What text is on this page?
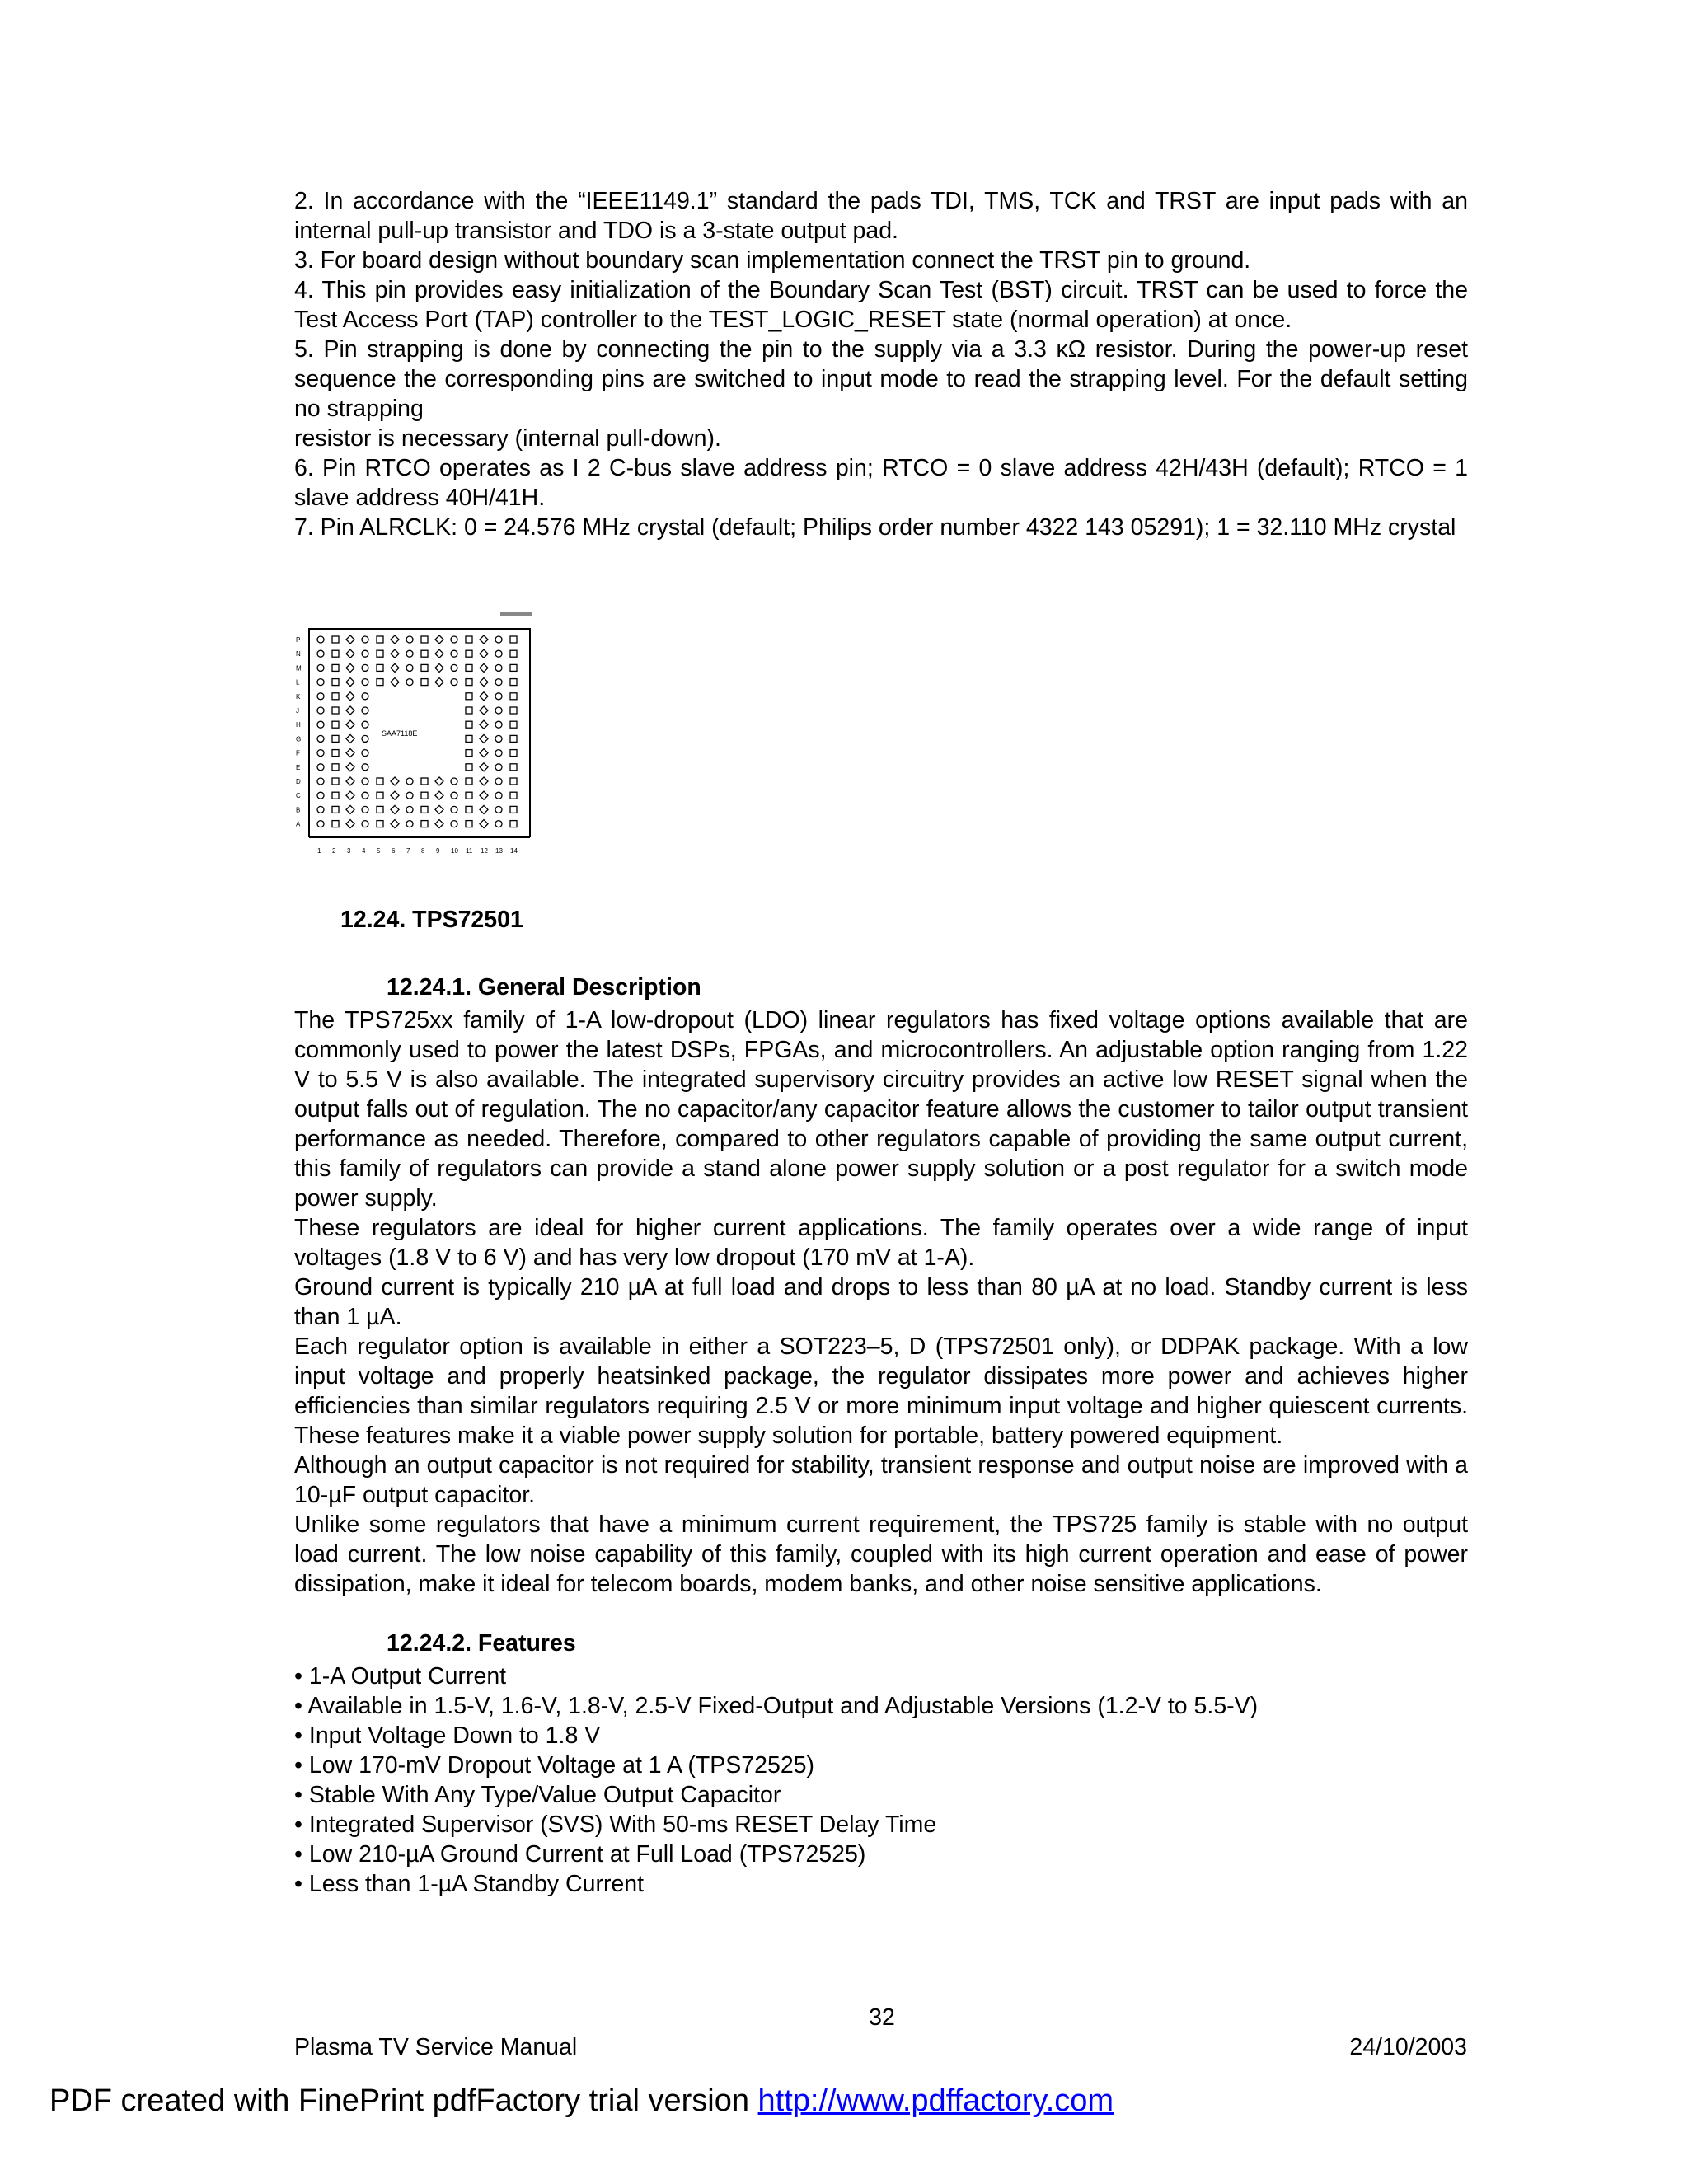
2. In accordance with the “IEEE1149.1” standard the pads TDI, TMS, TCK and TRST are input pads with an internal pull-up transistor and TDO is a 3-state output pad.

3. For board design without boundary scan implementation connect the TRST pin to ground.

4. This pin provides easy initialization of the Boundary Scan Test (BST) circuit. TRST can be used to force the Test Access Port (TAP) controller to the TEST_LOGIC_RESET state (normal operation) at once.

5. Pin strapping is done by connecting the pin to the supply via a 3.3 κΩ resistor. During the power-up reset sequence the corresponding pins are switched to input mode to read the strapping level. For the default setting no strapping

resistor is necessary (internal pull-down).

6. Pin RTCO operates as I 2 C-bus slave address pin; RTCO = 0 slave address 42H/43H (default); RTCO = 1 slave address 40H/41H.

7. Pin ALRCLK: 0 = 24.576 MHz crystal (default; Philips order number 4322 143 05291); 1 = 32.110 MHz crystal

P
N
M
L
K
J
H
G
F
E
D
C
B
A
1 2 3 4 5 6 7 8 9 10 11 12 13 14
SAA7118E

12.24. TPS72501

12.24.1. General Description

The TPS725xx family of 1-A low-dropout (LDO) linear regulators has fixed voltage options available that are commonly used to power the latest DSPs, FPGAs, and microcontrollers. An adjustable option ranging from 1.22 V to 5.5 V is also available. The integrated supervisory circuitry provides an active low RESET signal when the output falls out of regulation. The no capacitor/any capacitor feature allows the customer to tailor output transient performance as needed. Therefore, compared to other regulators capable of providing the same output current, this family of regulators can provide a stand alone power supply solution or a post regulator for a switch mode power supply.

These regulators are ideal for higher current applications. The family operates over a wide range of input voltages (1.8 V to 6 V) and has very low dropout (170 mV at 1-A).

Ground current is typically 210 µA at full load and drops to less than 80 µA at no load. Standby current is less than 1 µA.

Each regulator option is available in either a SOT223–5, D (TPS72501 only), or DDPAK package. With a low input voltage and properly heatsinked package, the regulator dissipates more power and achieves higher efficiencies than similar regulators requiring 2.5 V or more minimum input voltage and higher quiescent currents. These features make it a viable power supply solution for portable, battery powered equipment.

Although an output capacitor is not required for stability, transient response and output noise are improved with a 10-µF output capacitor.

Unlike some regulators that have a minimum current requirement, the TPS725 family is stable with no output load current. The low noise capability of this family, coupled with its high current operation and ease of power dissipation, make it ideal for telecom boards, modem banks, and other noise sensitive applications.

12.24.2. Features

• 1-A Output Current
• Available in 1.5-V, 1.6-V, 1.8-V, 2.5-V Fixed-Output and Adjustable Versions (1.2-V to 5.5-V)
• Input Voltage Down to 1.8 V
• Low 170-mV Dropout Voltage at 1 A (TPS72525)
• Stable With Any Type/Value Output Capacitor
• Integrated Supervisor (SVS) With 50-ms RESET Delay Time
• Low 210-µA Ground Current at Full Load (TPS72525)
• Less than 1-µA Standby Current
32
Plasma TV Service Manual	24/10/2003
PDF created with FinePrint pdfFactory trial version http://www.pdffactory.com
